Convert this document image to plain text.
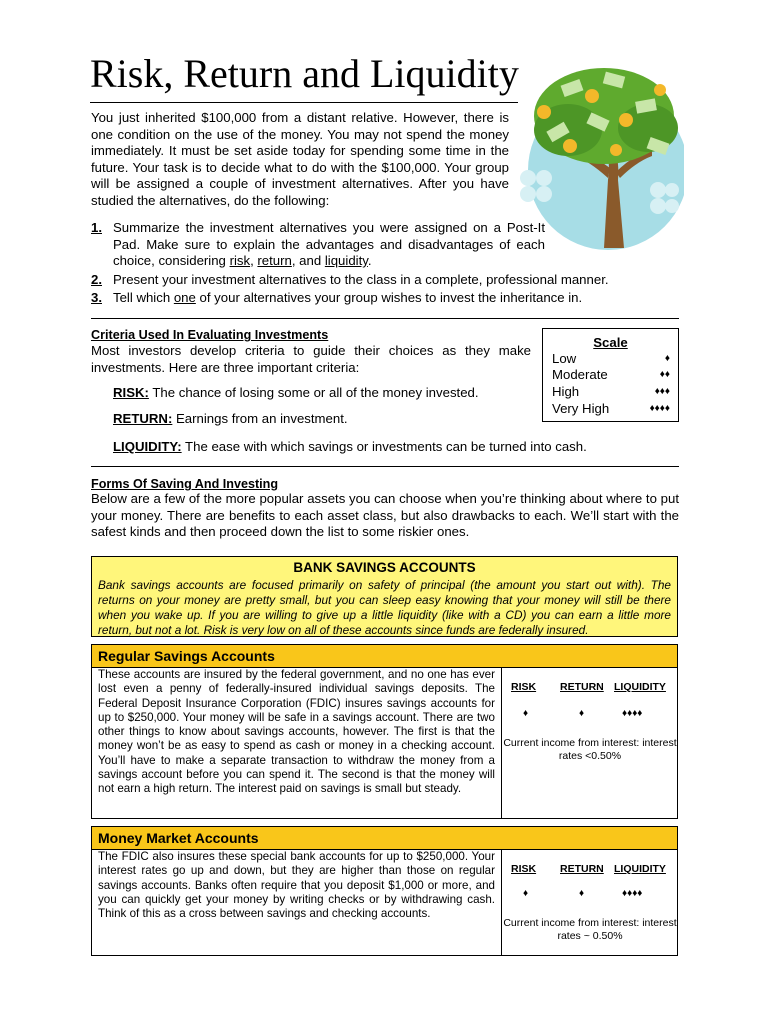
Risk, Return and Liquidity
You just inherited $100,000 from a distant relative. However, there is one condition on the use of the money. You may not spend the money immediately. It must be set aside today for spending some time in the future. Your task is to decide what to do with the $100,000. Your group will be assigned a couple of investment alternatives. After you have studied the alternatives, do the following:
1. Summarize the investment alternatives you were assigned on a Post-It Pad. Make sure to explain the advantages and disadvantages of each choice, considering risk, return, and liquidity.
2. Present your investment alternatives to the class in a complete, professional manner.
3. Tell which one of your alternatives your group wishes to invest the inheritance in.
Criteria Used In Evaluating Investments
Most investors develop criteria to guide their choices as they make investments. Here are three important criteria:
RISK: The chance of losing some or all of the money invested.
RETURN: Earnings from an investment.
LIQUIDITY: The ease with which savings or investments can be turned into cash.
Scale
Low	♦
Moderate	♦♦
High	♦♦♦
Very High	♦♦♦♦
Forms Of Saving And Investing
Below are a few of the more popular assets you can choose when you’re thinking about where to put your money. There are benefits to each asset class, but also drawbacks to each. We’ll start with the safest kinds and then proceed down the list to some riskier ones.
BANK SAVINGS ACCOUNTS
Bank savings accounts are focused primarily on safety of principal (the amount you start out with). The returns on your money are pretty small, but you can sleep easy knowing that your money will still be there when you wake up. If you are willing to give up a little liquidity (like with a CD) you can earn a little more return, but not a lot. Risk is very low on all of these accounts since funds are federally insured.
Regular Savings Accounts
These accounts are insured by the federal government, and no one has ever lost even a penny of federally-insured individual savings deposits. The Federal Deposit Insurance Corporation (FDIC) insures savings accounts for up to $250,000. Your money will be safe in a savings account. There are two other things to know about savings accounts, however. The first is that the money won’t be as easy to spend as cash or money in a checking account. You’ll have to make a separate transaction to withdraw the money from a savings account before you can spend it. The second is that the money will not earn a high return. The interest paid on savings is small but steady.
RISK RETURN LIQUIDITY
♦	♦	♦♦♦♦
Current income from interest: interest rates <0.50%
Money Market Accounts
The FDIC also insures these special bank accounts for up to $250,000. Your interest rates go up and down, but they are higher than those on regular savings accounts. Banks often require that you deposit $1,000 or more, and you can quickly get your money by writing checks or by withdrawing cash. Think of this as a cross between savings and checking accounts.
RISK RETURN LIQUIDITY
♦	♦	♦♦♦♦
Current income from interest: interest rates ~ 0.50%
